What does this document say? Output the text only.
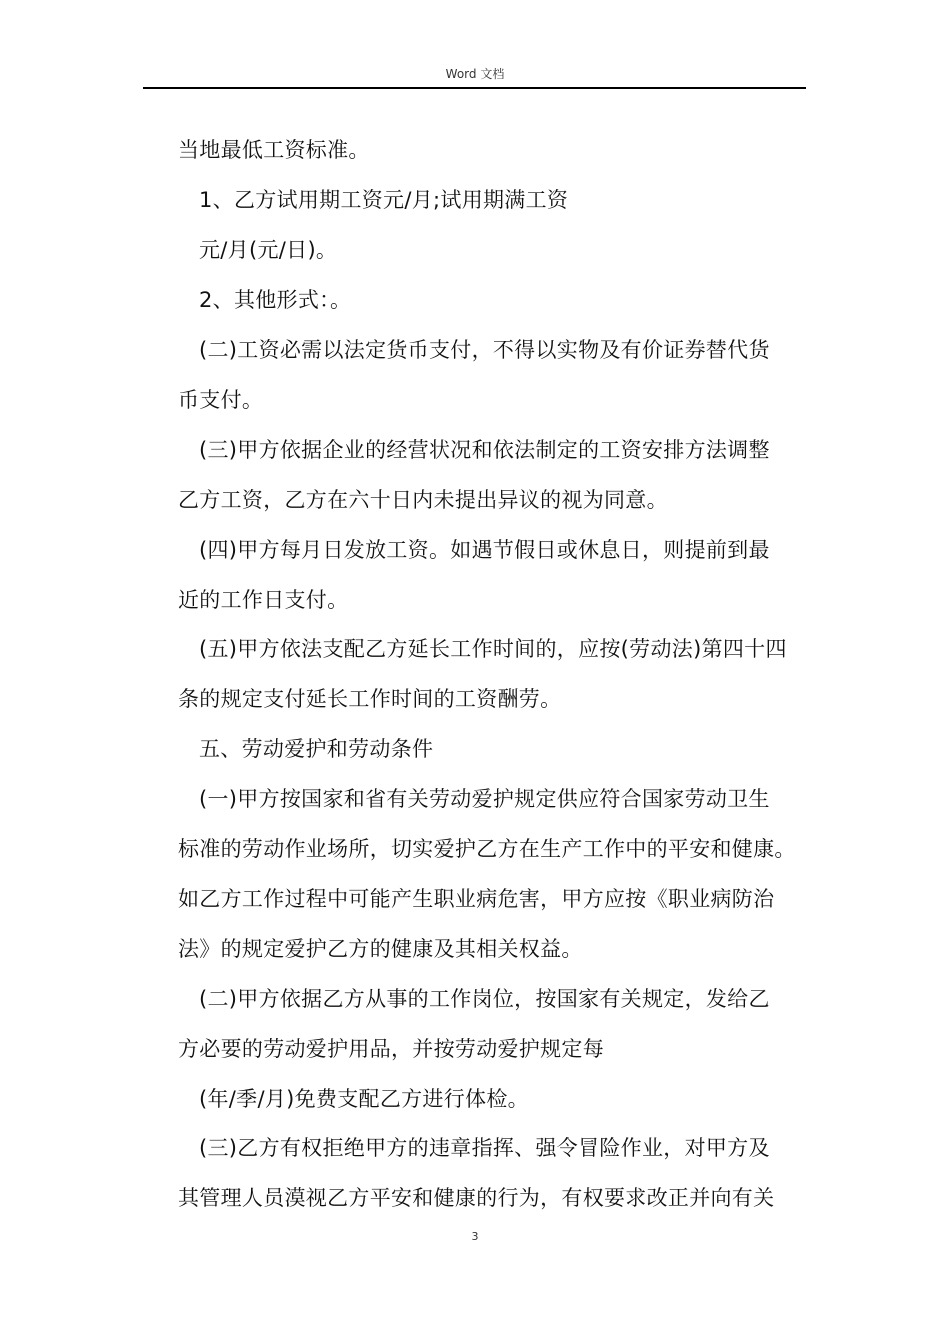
Word 文档
当地最低工资标准。
1、乙方试用期工资元/月;试用期满工资
元/月(元/日)。
2、其他形式：。
(二)工资必需以法定货币支付，不得以实物及有价证券替代货
币支付。
(三)甲方依据企业的经营状况和依法制定的工资安排方法调整
乙方工资，乙方在六十日内未提出异议的视为同意。
(四)甲方每月日发放工资。如遇节假日或休息日，则提前到最
近的工作日支付。
(五)甲方依法支配乙方延长工作时间的，应按(劳动法)第四十四
条的规定支付延长工作时间的工资酬劳。
五、劳动爱护和劳动条件
(一)甲方按国家和省有关劳动爱护规定供应符合国家劳动卫生
标准的劳动作业场所，切实爱护乙方在生产工作中的平安和健康。
如乙方工作过程中可能产生职业病危害，甲方应按《职业病防治
法》的规定爱护乙方的健康及其相关权益。
(二)甲方依据乙方从事的工作岗位，按国家有关规定，发给乙
方必要的劳动爱护用品，并按劳动爱护规定每
(年/季/月)免费支配乙方进行体检。
(三)乙方有权拒绝甲方的违章指挥、强令冒险作业，对甲方及
其管理人员漠视乙方平安和健康的行为，有权要求改正并向有关
3
